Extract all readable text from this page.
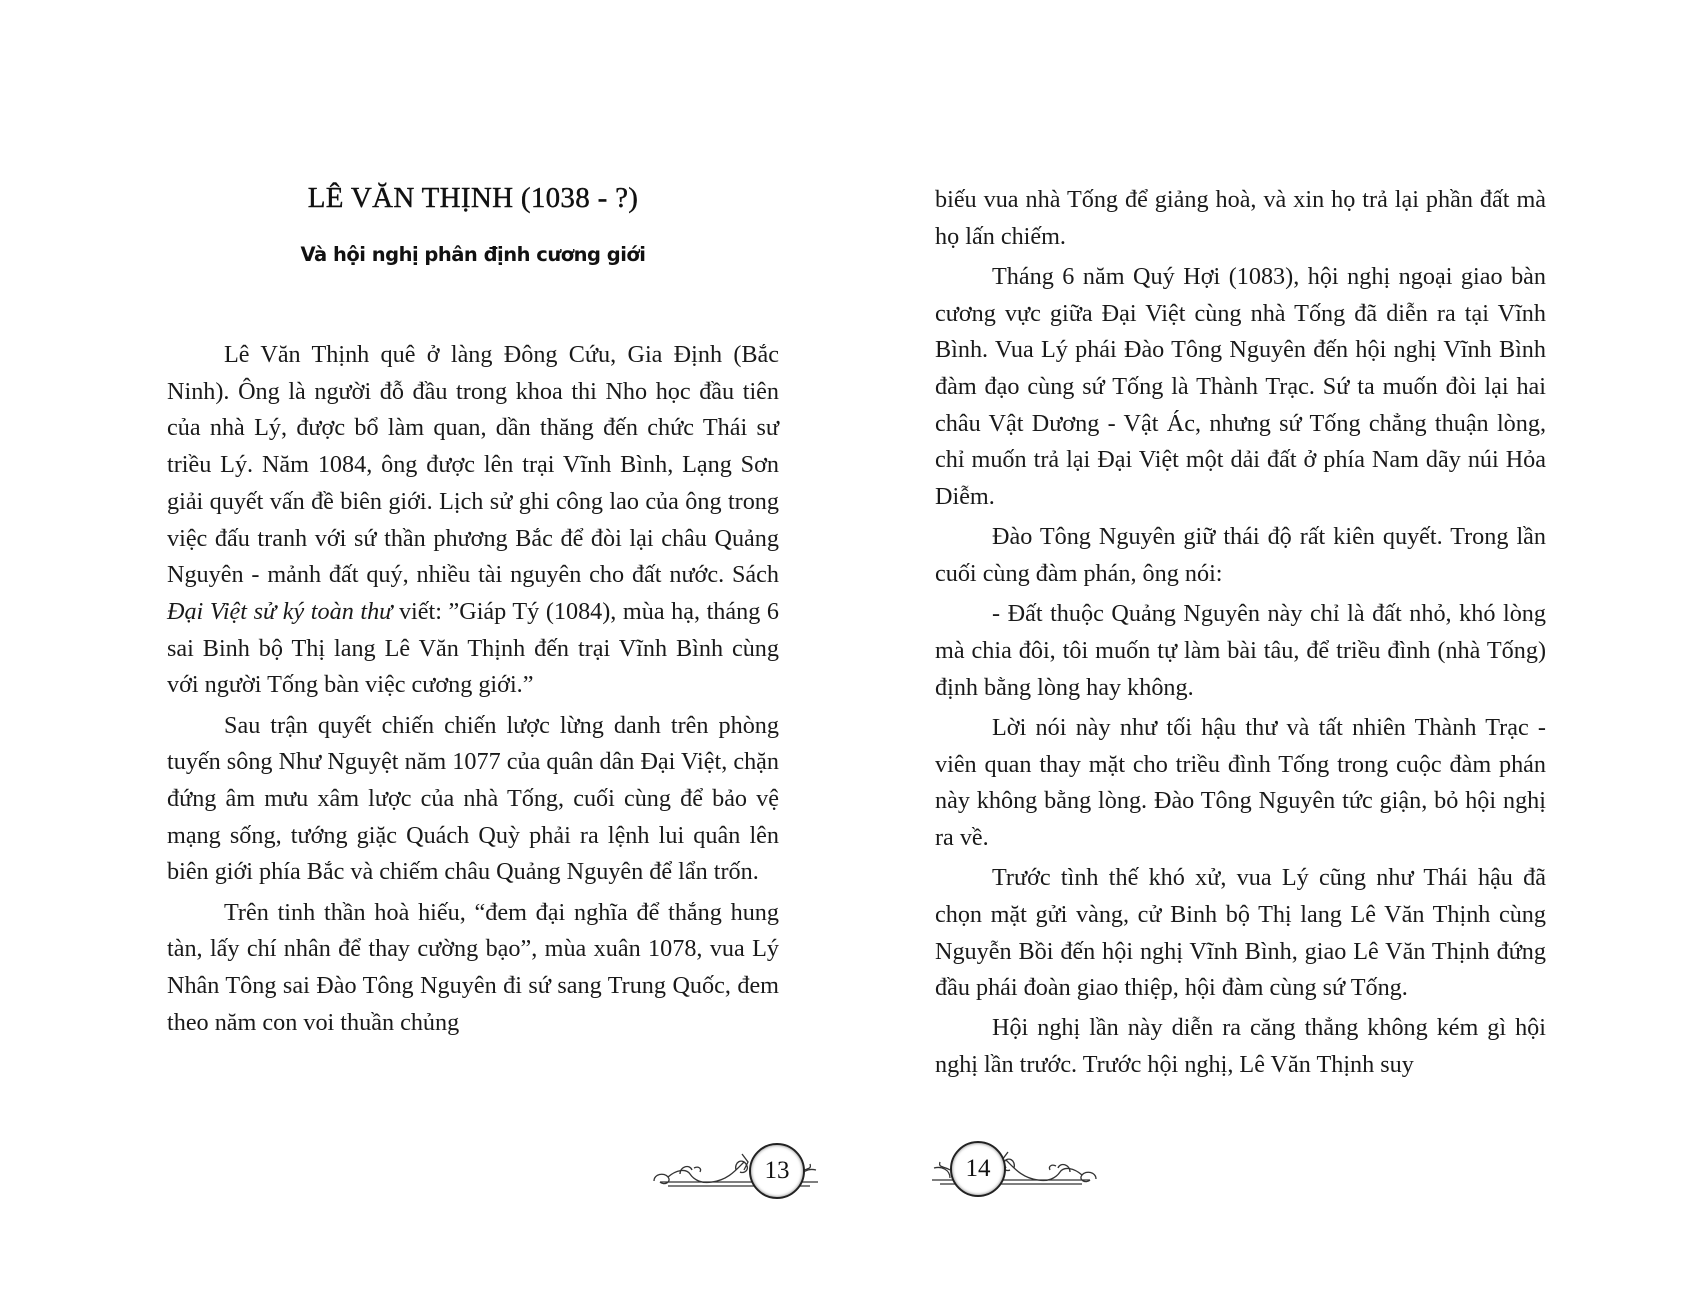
LÊ VĂN THỊNH (1038 - ?)
Và hội nghị phân định cương giới

Lê Văn Thịnh quê ở làng Đông Cứu, Gia Định (Bắc Ninh). Ông là người đỗ đầu trong khoa thi Nho học đầu tiên của nhà Lý, được bổ làm quan, dần thăng đến chức Thái sư triều Lý. Năm 1084, ông được lên trại Vĩnh Bình, Lạng Sơn giải quyết vấn đề biên giới. Lịch sử ghi công lao của ông trong việc đấu tranh với sứ thần phương Bắc để đòi lại châu Quảng Nguyên - mảnh đất quý, nhiều tài nguyên cho đất nước. Sách Đại Việt sử ký toàn thư viết: ”Giáp Tý (1084), mùa hạ, tháng 6 sai Binh bộ Thị lang Lê Văn Thịnh đến trại Vĩnh Bình cùng với người Tống bàn việc cương giới.”

Sau trận quyết chiến chiến lược lừng danh trên phòng tuyến sông Như Nguyệt năm 1077 của quân dân Đại Việt, chặn đứng âm mưu xâm lược của nhà Tống, cuối cùng để bảo vệ mạng sống, tướng giặc Quách Quỳ phải ra lệnh lui quân lên biên giới phía Bắc và chiếm châu Quảng Nguyên để lẩn trốn.

Trên tinh thần hoà hiếu, “đem đại nghĩa để thắng hung tàn, lấy chí nhân để thay cường bạo”, mùa xuân 1078, vua Lý Nhân Tông sai Đào Tông Nguyên đi sứ sang Trung Quốc, đem theo năm con voi thuần chủng

13

biếu vua nhà Tống để giảng hoà, và xin họ trả lại phần đất mà họ lấn chiếm.

Tháng 6 năm Quý Hợi (1083), hội nghị ngoại giao bàn cương vực giữa Đại Việt cùng nhà Tống đã diễn ra tại Vĩnh Bình. Vua Lý phái Đào Tông Nguyên đến hội nghị Vĩnh Bình đàm đạo cùng sứ Tống là Thành Trạc. Sứ ta muốn đòi lại hai châu Vật Dương - Vật Ác, nhưng sứ Tống chẳng thuận lòng, chỉ muốn trả lại Đại Việt một dải đất ở phía Nam dãy núi Hỏa Diễm.

Đào Tông Nguyên giữ thái độ rất kiên quyết. Trong lần cuối cùng đàm phán, ông nói:

- Đất thuộc Quảng Nguyên này chỉ là đất nhỏ, khó lòng mà chia đôi, tôi muốn tự làm bài tâu, để triều đình (nhà Tống) định bằng lòng hay không.

Lời nói này như tối hậu thư và tất nhiên Thành Trạc - viên quan thay mặt cho triều đình Tống trong cuộc đàm phán này không bằng lòng. Đào Tông Nguyên tức giận, bỏ hội nghị ra về.

Trước tình thế khó xử, vua Lý cũng như Thái hậu đã chọn mặt gửi vàng, cử Binh bộ Thị lang Lê Văn Thịnh cùng Nguyễn Bồi đến hội nghị Vĩnh Bình, giao Lê Văn Thịnh đứng đầu phái đoàn giao thiệp, hội đàm cùng sứ Tống.

Hội nghị lần này diễn ra căng thẳng không kém gì hội nghị lần trước. Trước hội nghị, Lê Văn Thịnh suy

14
